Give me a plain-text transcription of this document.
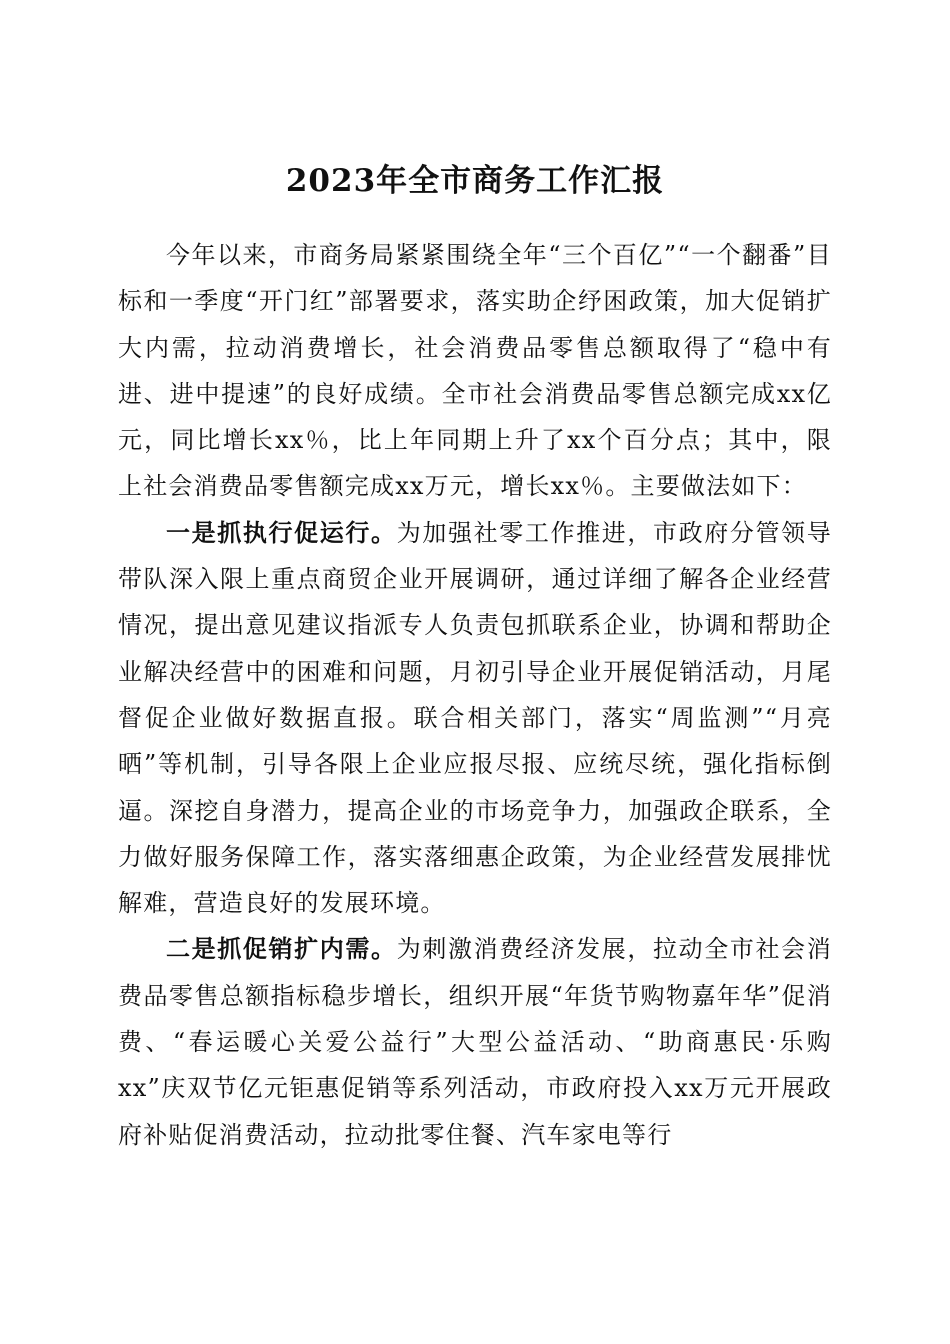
2023年全市商务工作汇报

今年以来，市商务局紧紧围绕全年“三个百亿”“一个翻番”目标和一季度“开门红”部署要求，落实助企纾困政策，加大促销扩大内需，拉动消费增长，社会消费品零售总额取得了“稳中有进、进中提速”的良好成绩。全市社会消费品零售总额完成xx亿元，同比增长xx％，比上年同期上升了xx个百分点；其中，限上社会消费品零售额完成xx万元，增长xx％。主要做法如下：

一是抓执行促运行。为加强社零工作推进，市政府分管领导带队深入限上重点商贸企业开展调研，通过详细了解各企业经营情况，提出意见建议指派专人负责包抓联系企业，协调和帮助企业解决经营中的困难和问题，月初引导企业开展促销活动，月尾督促企业做好数据直报。联合相关部门，落实“周监测”“月亮晒”等机制，引导各限上企业应报尽报、应统尽统，强化指标倒逼。深挖自身潜力，提高企业的市场竞争力，加强政企联系，全力做好服务保障工作，落实落细惠企政策，为企业经营发展排忧解难，营造良好的发展环境。

二是抓促销扩内需。为刺激消费经济发展，拉动全市社会消费品零售总额指标稳步增长，组织开展“年货节购物嘉年华”促消费、“春运暖心关爱公益行”大型公益活动、“助商惠民·乐购xx”庆双节亿元钜惠促销等系列活动，市政府投入xx万元开展政府补贴促消费活动，拉动批零住餐、汽车家电等行
